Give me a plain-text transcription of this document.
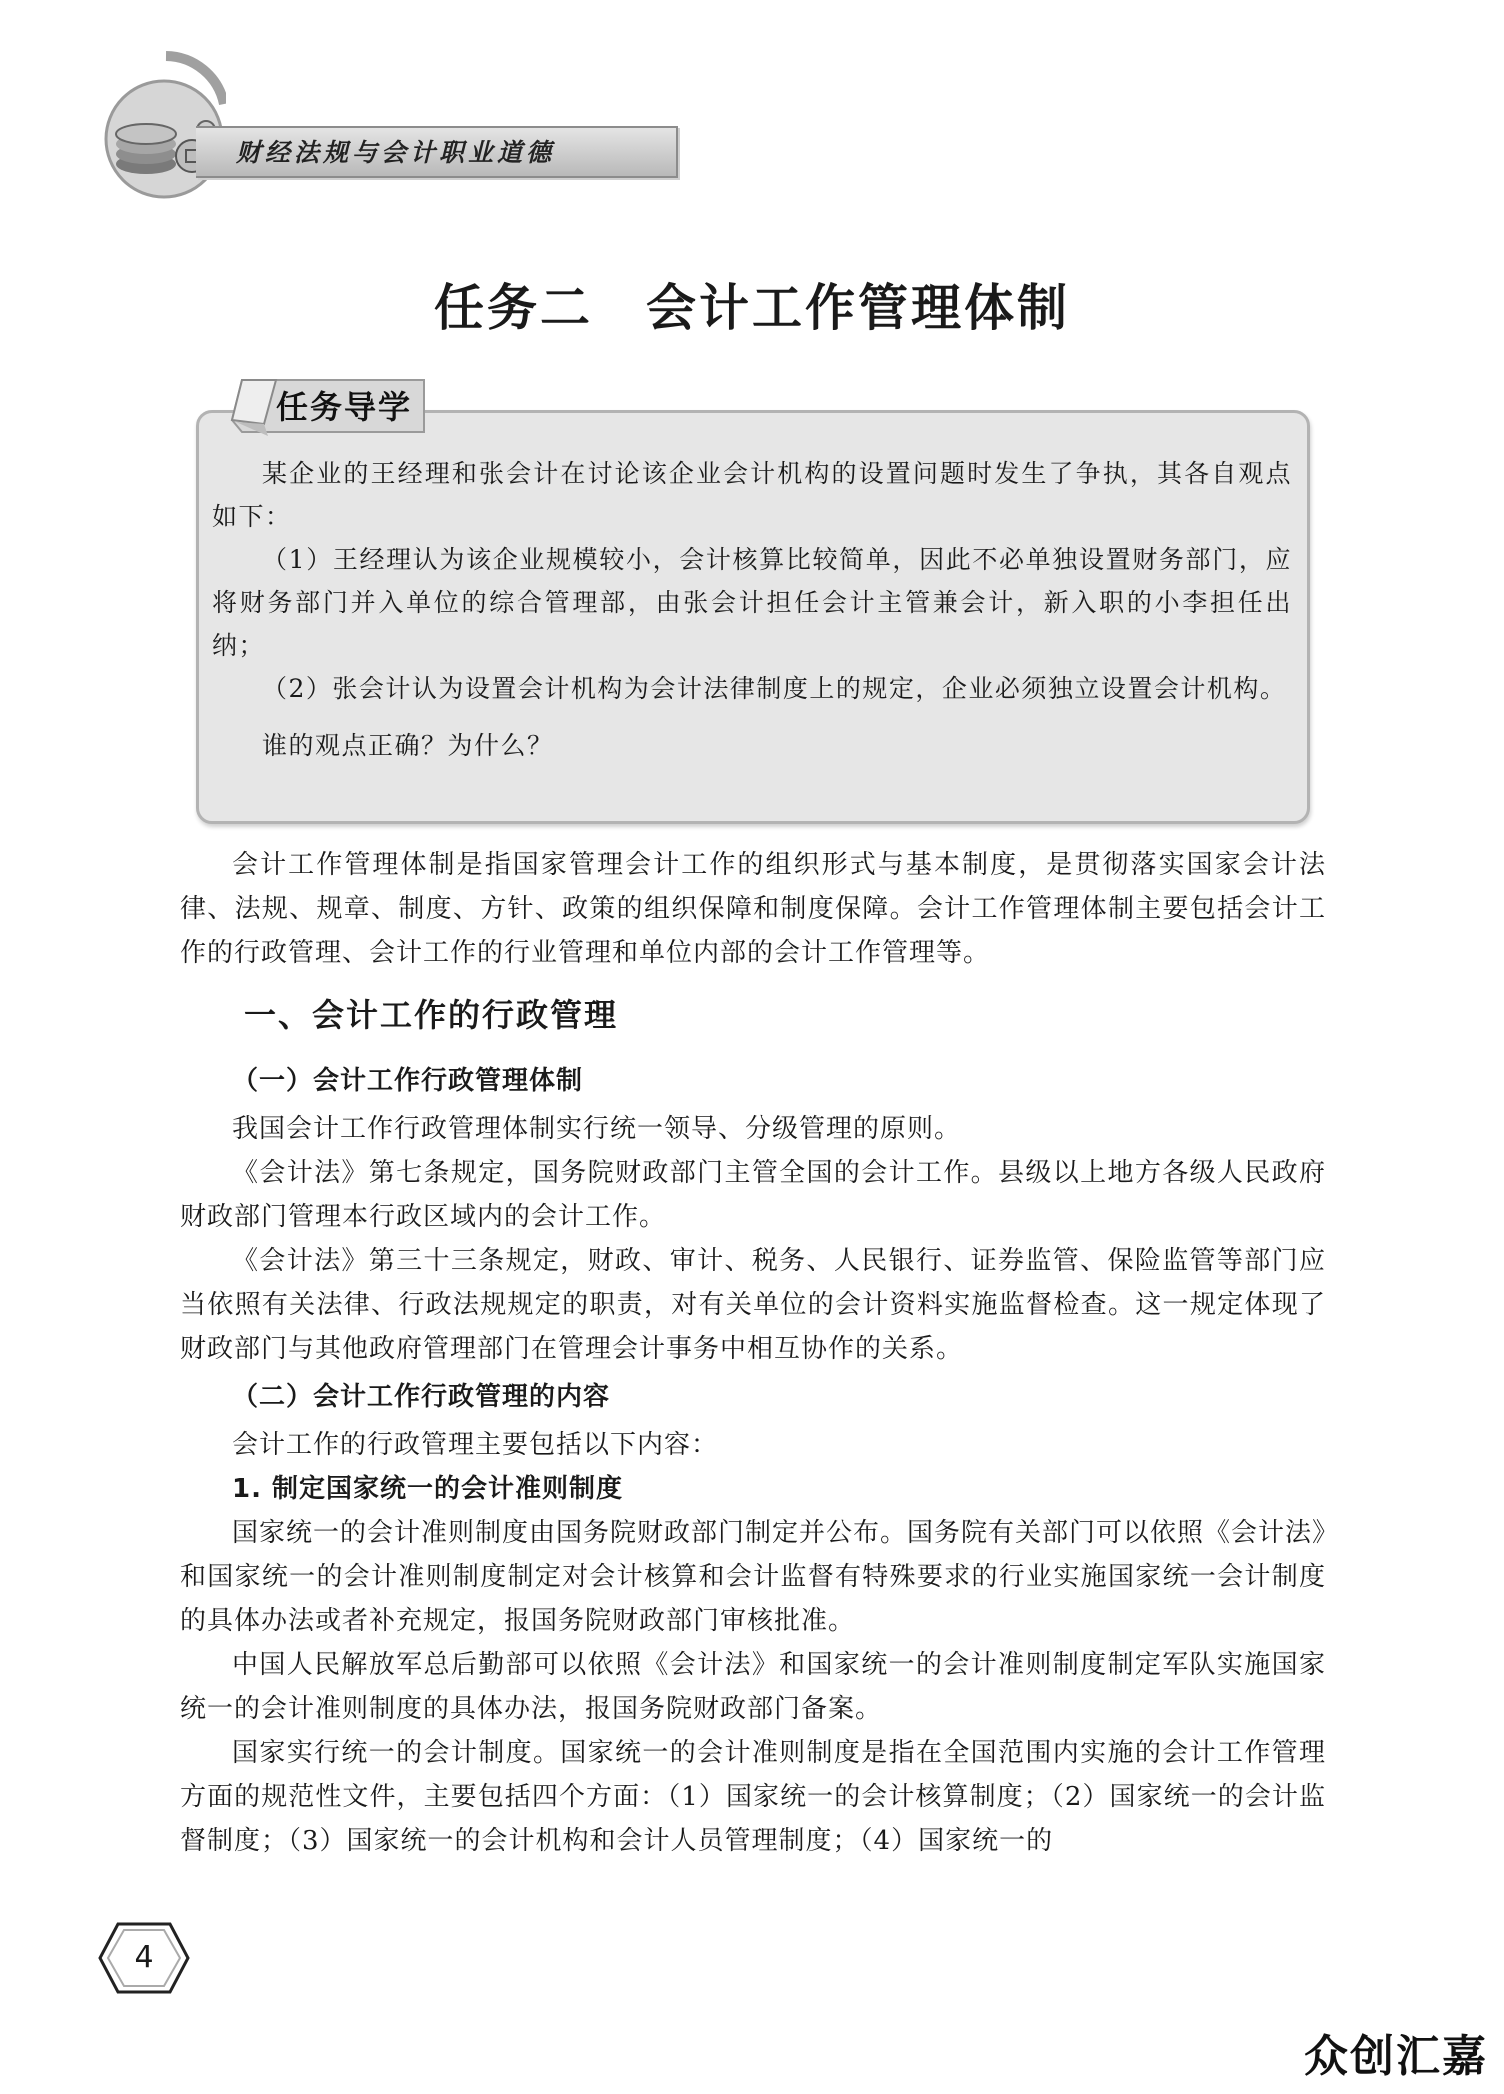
财经法规与会计职业道德
任务二　会计工作管理体制
任务导学

某企业的王经理和张会计在讨论该企业会计机构的设置问题时发生了争执，其各自观点如下：

（1）王经理认为该企业规模较小，会计核算比较简单，因此不必单独设置财务部门，应将财务部门并入单位的综合管理部，由张会计担任会计主管兼会计，新入职的小李担任出纳；

（2）张会计认为设置会计机构为会计法律制度上的规定，企业必须独立设置会计机构。

谁的观点正确？为什么？

会计工作管理体制是指国家管理会计工作的组织形式与基本制度，是贯彻落实国家会计法律、法规、规章、制度、方针、政策的组织保障和制度保障。会计工作管理体制主要包括会计工作的行政管理、会计工作的行业管理和单位内部的会计工作管理等。

一、会计工作的行政管理
（一）会计工作行政管理体制

我国会计工作行政管理体制实行统一领导、分级管理的原则。

《会计法》第七条规定，国务院财政部门主管全国的会计工作。县级以上地方各级人民政府财政部门管理本行政区域内的会计工作。

《会计法》第三十三条规定，财政、审计、税务、人民银行、证券监管、保险监管等部门应当依照有关法律、行政法规规定的职责，对有关单位的会计资料实施监督检查。这一规定体现了财政部门与其他政府管理部门在管理会计事务中相互协作的关系。

（二）会计工作行政管理的内容

会计工作的行政管理主要包括以下内容：

1. 制定国家统一的会计准则制度

国家统一的会计准则制度由国务院财政部门制定并公布。国务院有关部门可以依照《会计法》和国家统一的会计准则制度制定对会计核算和会计监督有特殊要求的行业实施国家统一会计制度的具体办法或者补充规定，报国务院财政部门审核批准。

中国人民解放军总后勤部可以依照《会计法》和国家统一的会计准则制度制定军队实施国家统一的会计准则制度的具体办法，报国务院财政部门备案。

国家实行统一的会计制度。国家统一的会计准则制度是指在全国范围内实施的会计工作管理方面的规范性文件，主要包括四个方面：（1）国家统一的会计核算制度；（2）国家统一的会计监督制度；（3）国家统一的会计机构和会计人员管理制度；（4）国家统一的

4
众创汇嘉
